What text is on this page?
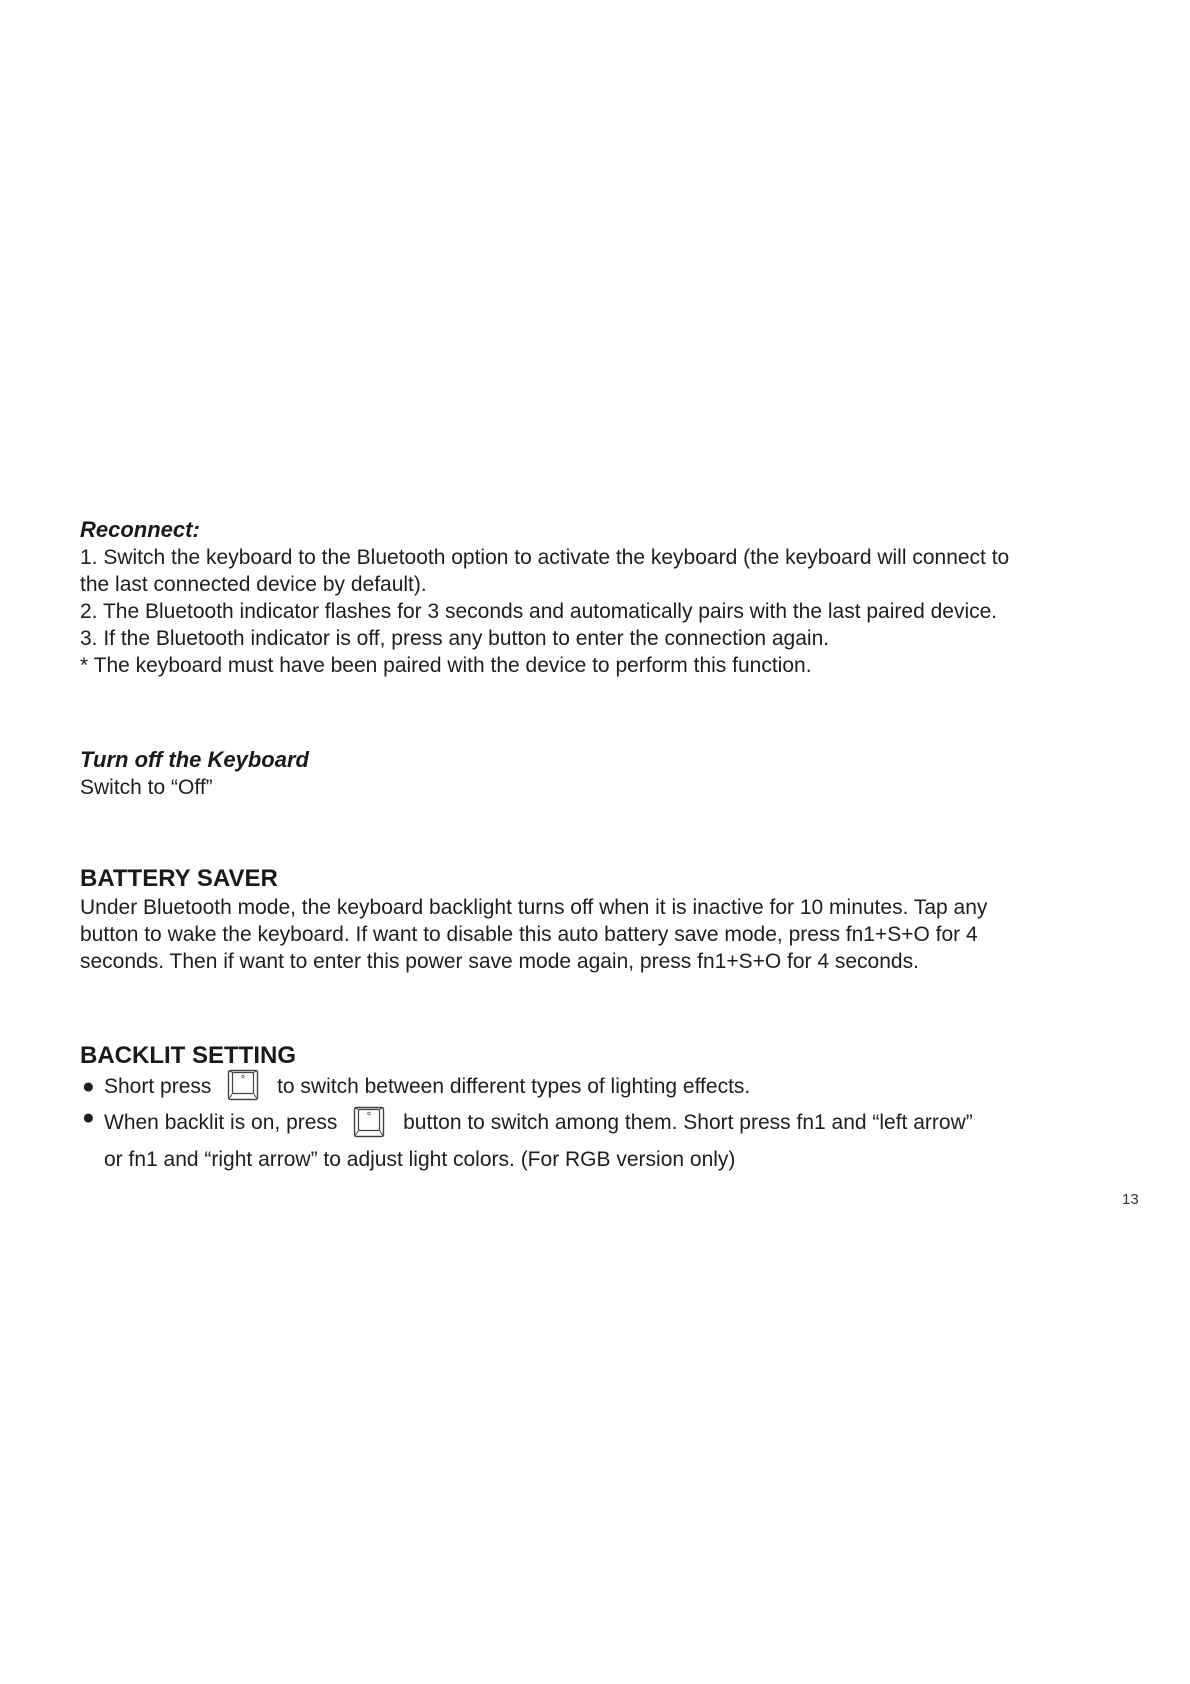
Reconnect:
1. Switch the keyboard to the Bluetooth option to activate the keyboard (the keyboard will connect to
the last connected device by default).
2. The Bluetooth indicator flashes for 3 seconds and automatically pairs with the last paired device.
3. If the Bluetooth indicator is off, press any button to enter the connection again.
* The keyboard must have been paired with the device to perform this function.
Turn off the Keyboard
Switch to “Off”
BATTERY SAVER
Under Bluetooth mode, the keyboard backlight turns off when it is inactive for 10 minutes. Tap any
button to wake the keyboard. If want to disable this auto battery save mode, press fn1+S+O for 4
seconds. Then if want to enter this power save mode again, press fn1+S+O for 4 seconds.
BACKLIT SETTING
● Short press	to switch between different types of lighting effects.
● When backlit is on, press	button to switch among them. Short press fn1 and “left arrow”
or fn1 and “right arrow” to adjust light colors. (For RGB version only)
13
